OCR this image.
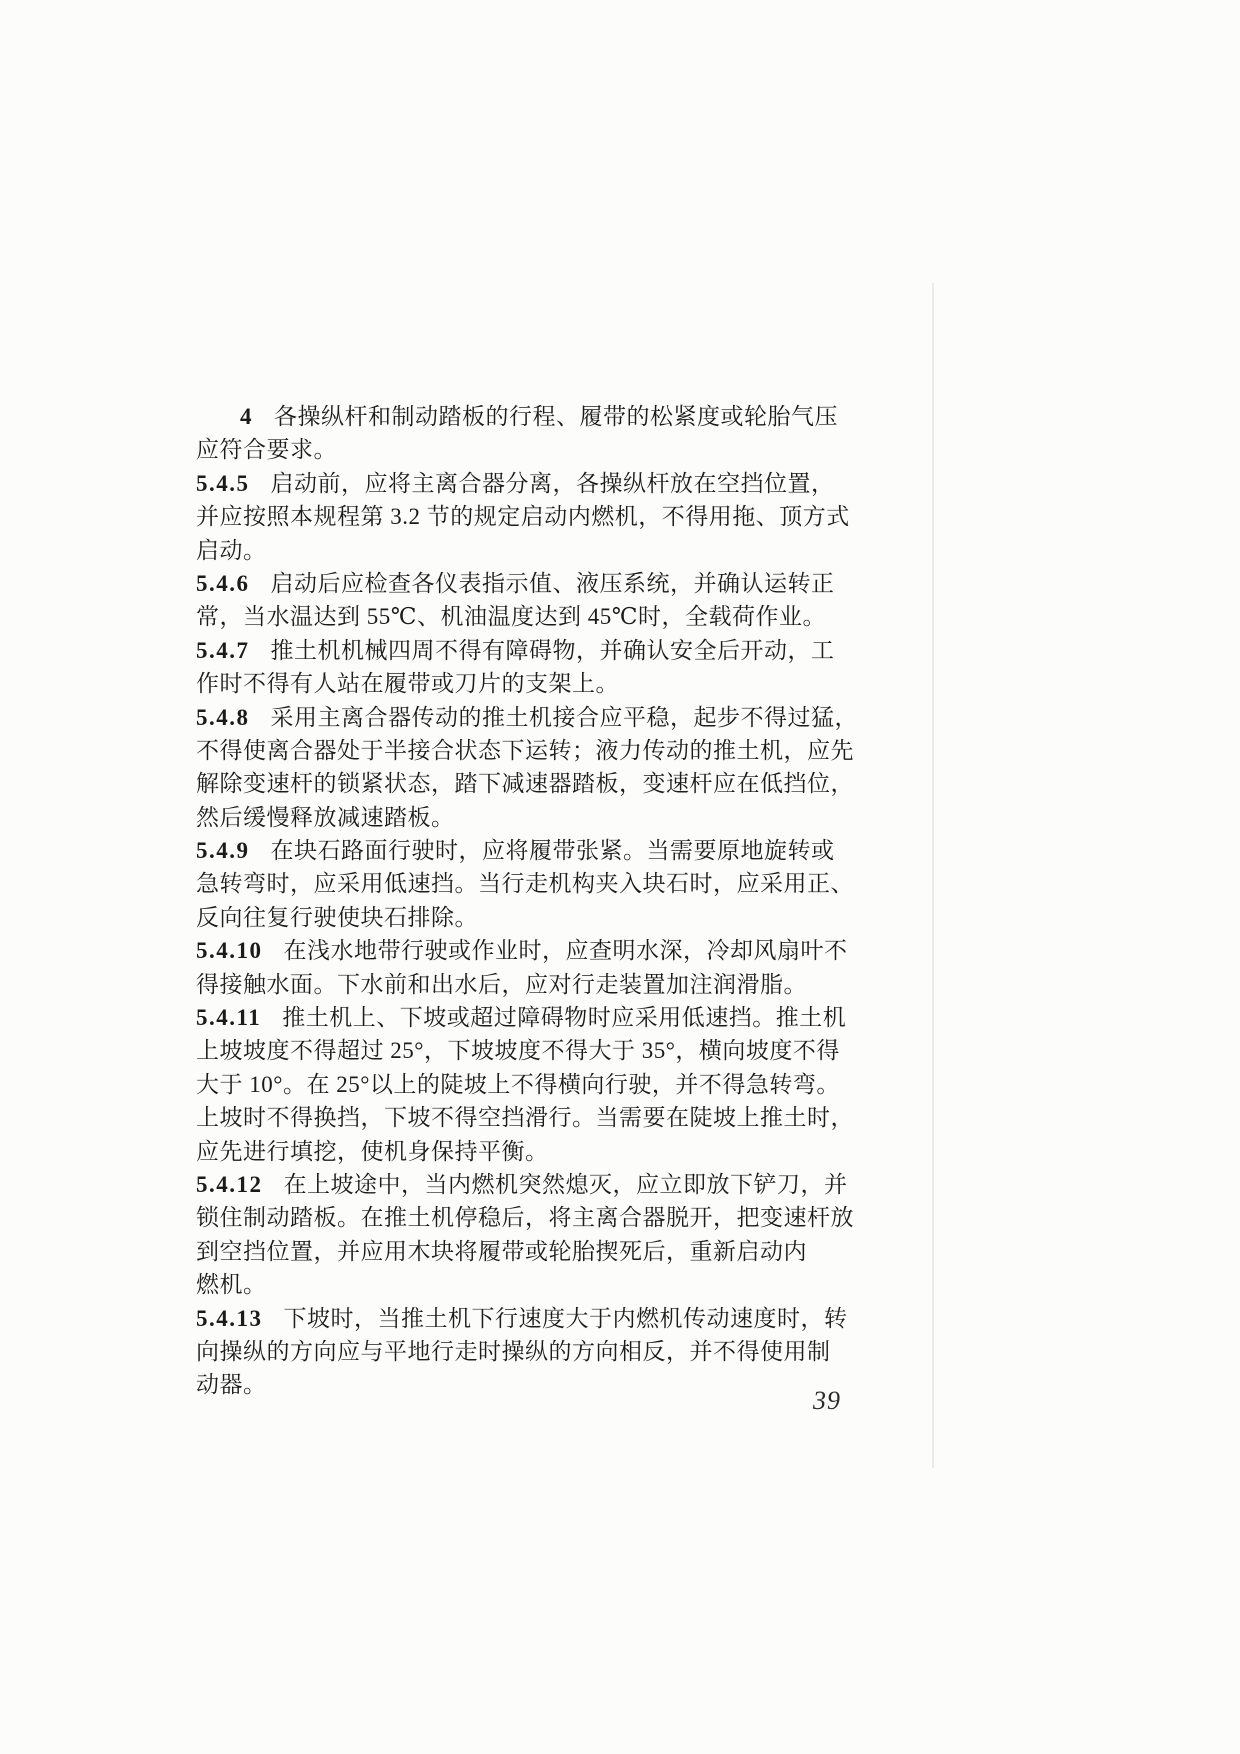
4 各操纵杆和制动踏板的行程、履带的松紧度或轮胎气压
应符合要求。
5.4.5 启动前，应将主离合器分离，各操纵杆放在空挡位置，
并应按照本规程第 3.2 节的规定启动内燃机，不得用拖、顶方式
启动。
5.4.6 启动后应检查各仪表指示值、液压系统，并确认运转正
常，当水温达到 55℃、机油温度达到 45℃时，全载荷作业。
5.4.7 推土机机械四周不得有障碍物，并确认安全后开动，工
作时不得有人站在履带或刀片的支架上。
5.4.8 采用主离合器传动的推土机接合应平稳，起步不得过猛，
不得使离合器处于半接合状态下运转；液力传动的推土机，应先
解除变速杆的锁紧状态，踏下减速器踏板，变速杆应在低挡位，
然后缓慢释放减速踏板。
5.4.9 在块石路面行驶时，应将履带张紧。当需要原地旋转或
急转弯时，应采用低速挡。当行走机构夹入块石时，应采用正、
反向往复行驶使块石排除。
5.4.10 在浅水地带行驶或作业时，应查明水深，冷却风扇叶不
得接触水面。下水前和出水后，应对行走装置加注润滑脂。
5.4.11 推土机上、下坡或超过障碍物时应采用低速挡。推土机
上坡坡度不得超过 25°，下坡坡度不得大于 35°，横向坡度不得
大于 10°。在 25°以上的陡坡上不得横向行驶，并不得急转弯。
上坡时不得换挡，下坡不得空挡滑行。当需要在陡坡上推土时，
应先进行填挖，使机身保持平衡。
5.4.12 在上坡途中，当内燃机突然熄灭，应立即放下铲刀，并
锁住制动踏板。在推土机停稳后，将主离合器脱开，把变速杆放
到空挡位置，并应用木块将履带或轮胎揳死后，重新启动内
燃机。
5.4.13 下坡时，当推土机下行速度大于内燃机传动速度时，转
向操纵的方向应与平地行走时操纵的方向相反，并不得使用制
动器。
39
